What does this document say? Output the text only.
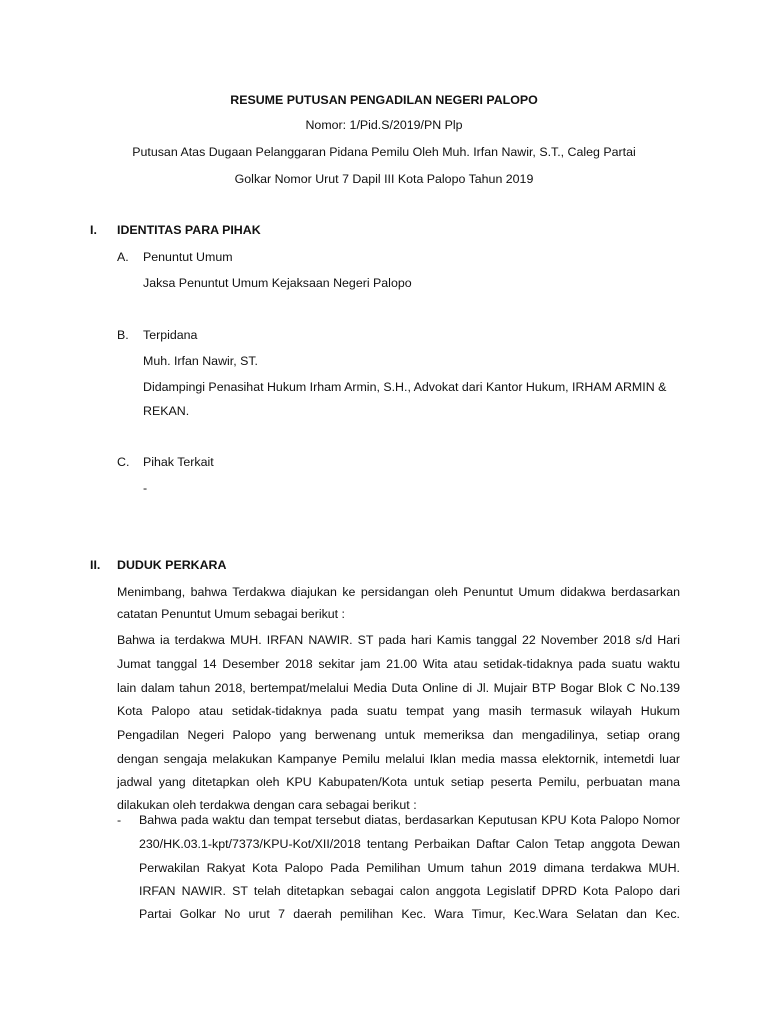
RESUME PUTUSAN PENGADILAN NEGERI PALOPO
Nomor: 1/Pid.S/2019/PN Plp
Putusan Atas Dugaan Pelanggaran Pidana Pemilu Oleh Muh. Irfan Nawir, S.T., Caleg Partai
Golkar Nomor Urut 7 Dapil III Kota Palopo Tahun 2019
I. IDENTITAS PARA PIHAK
A. Penuntut Umum
Jaksa Penuntut Umum Kejaksaan Negeri Palopo
B. Terpidana
Muh. Irfan Nawir, ST.
Didampingi Penasihat Hukum Irham Armin, S.H., Advokat dari Kantor Hukum, IRHAM ARMIN &
REKAN.
C. Pihak Terkait
-
II. DUDUK PERKARA
Menimbang, bahwa Terdakwa diajukan ke persidangan oleh Penuntut Umum didakwa berdasarkan
catatan Penuntut Umum sebagai berikut :
Bahwa ia terdakwa MUH. IRFAN NAWIR. ST pada hari Kamis tanggal 22 November 2018 s/d Hari
Jumat tanggal 14 Desember 2018 sekitar jam 21.00 Wita atau setidak-tidaknya pada suatu waktu
lain dalam tahun 2018, bertempat/melalui Media Duta Online di Jl. Mujair BTP Bogar Blok C No.139
Kota Palopo atau setidak-tidaknya pada suatu tempat yang masih termasuk wilayah Hukum
Pengadilan Negeri Palopo yang berwenang untuk memeriksa dan mengadilinya, setiap orang
dengan sengaja melakukan Kampanye Pemilu melalui Iklan media massa elektornik, intemetdi luar
jadwal yang ditetapkan oleh KPU Kabupaten/Kota untuk setiap peserta Pemilu, perbuatan mana
dilakukan oleh terdakwa dengan cara sebagai berikut :
- Bahwa pada waktu dan tempat tersebut diatas, berdasarkan Keputusan KPU Kota Palopo Nomor
230/HK.03.1-kpt/7373/KPU-Kot/XII/2018 tentang Perbaikan Daftar Calon Tetap anggota Dewan
Perwakilan Rakyat Kota Palopo Pada Pemilihan Umum tahun 2019 dimana terdakwa MUH.
IRFAN NAWIR. ST telah ditetapkan sebagai calon anggota Legislatif DPRD Kota Palopo dari
Partai Golkar No urut 7 daerah pemilihan Kec. Wara Timur, Kec.Wara Selatan dan Kec.
